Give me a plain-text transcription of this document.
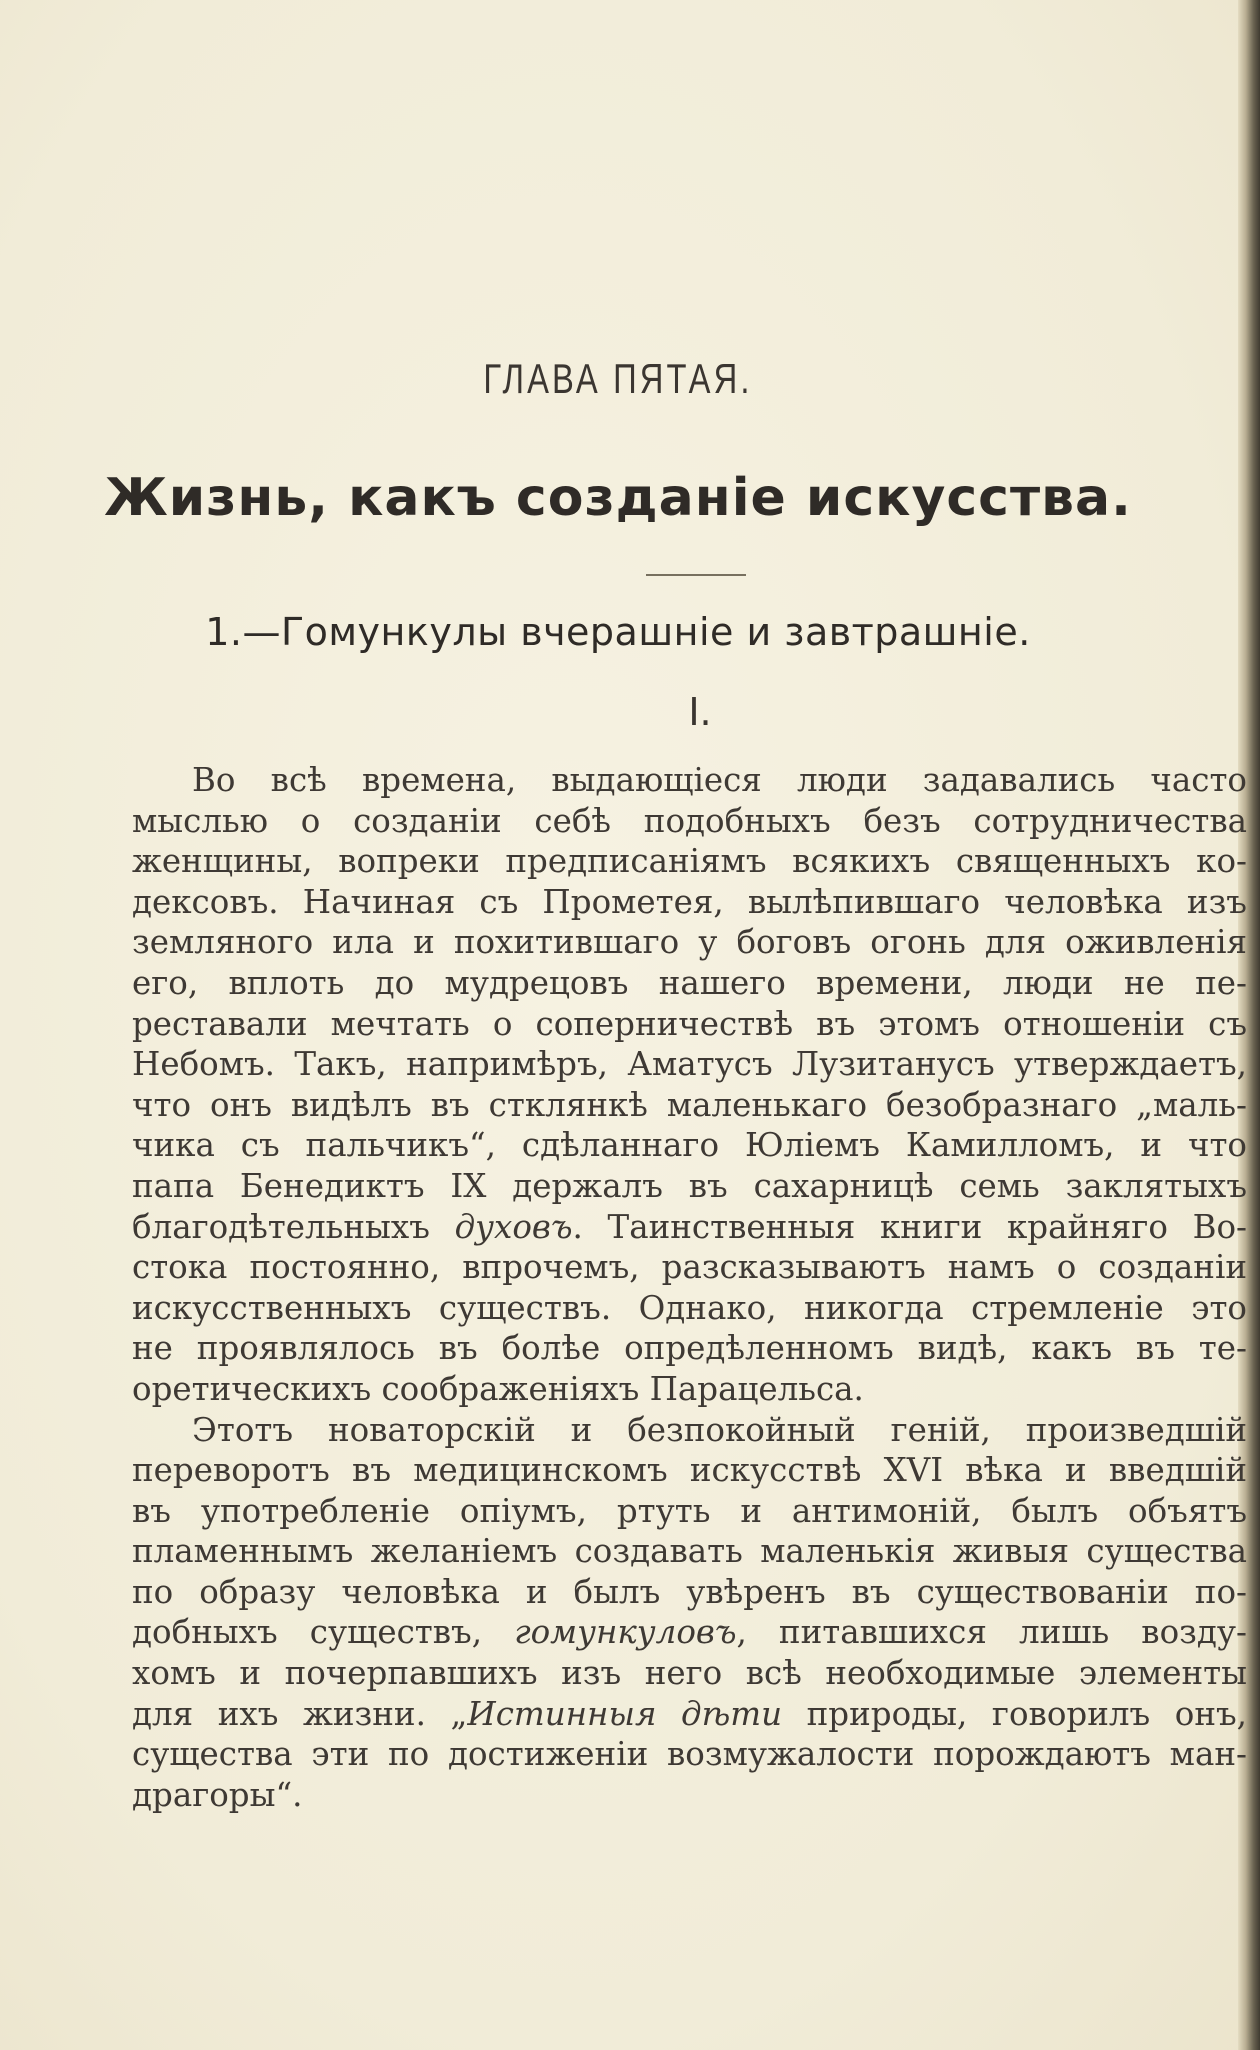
ГЛАВА ПЯТАЯ.
Жизнь, какъ созданіе искусства.
1.—Гомункулы вчерашніе и завтрашніе.
I.
Во всѣ времена, выдающіеся люди задавались часто
мыслью о созданіи себѣ подобныхъ безъ сотрудничества
женщины, вопреки предписаніямъ всякихъ священныхъ ко-
дексовъ. Начиная съ Прометея, вылѣпившаго человѣка изъ
земляного ила и похитившаго у боговъ огонь для оживленія
его, вплоть до мудрецовъ нашего времени, люди не пе-
реставали мечтать о соперничествѣ въ этомъ отношеніи съ
Небомъ. Такъ, напримѣръ, Аматусъ Лузитанусъ утверждаетъ,
что онъ видѣлъ въ стклянкѣ маленькаго безобразнаго „маль-
чика съ пальчикъ“, сдѣланнаго Юліемъ Камилломъ, и что
папа Бенедиктъ IX держалъ въ сахарницѣ семь заклятыхъ
благодѣтельныхъ духовъ. Таинственныя книги крайняго Во-
стока постоянно, впрочемъ, разсказываютъ намъ о созданіи
искусственныхъ существъ. Однако, никогда стремленіе это
не проявлялось въ болѣе опредѣленномъ видѣ, какъ въ те-
оретическихъ соображеніяхъ Парацельса.
Этотъ новаторскій и безпокойный геній, произведшій
переворотъ въ медицинскомъ искусствѣ XVI вѣка и введшій
въ употребленіе опіумъ, ртуть и антимоній, былъ объятъ
пламеннымъ желаніемъ создавать маленькія живыя существа
по образу человѣка и былъ увѣренъ въ существованіи по-
добныхъ существъ, гомункуловъ, питавшихся лишь возду-
хомъ и почерпавшихъ изъ него всѣ необходимые элементы
для ихъ жизни. „Истинныя дѣти природы, говорилъ онъ,
существа эти по достиженіи возмужалости порождаютъ ман-
драгоры“.
